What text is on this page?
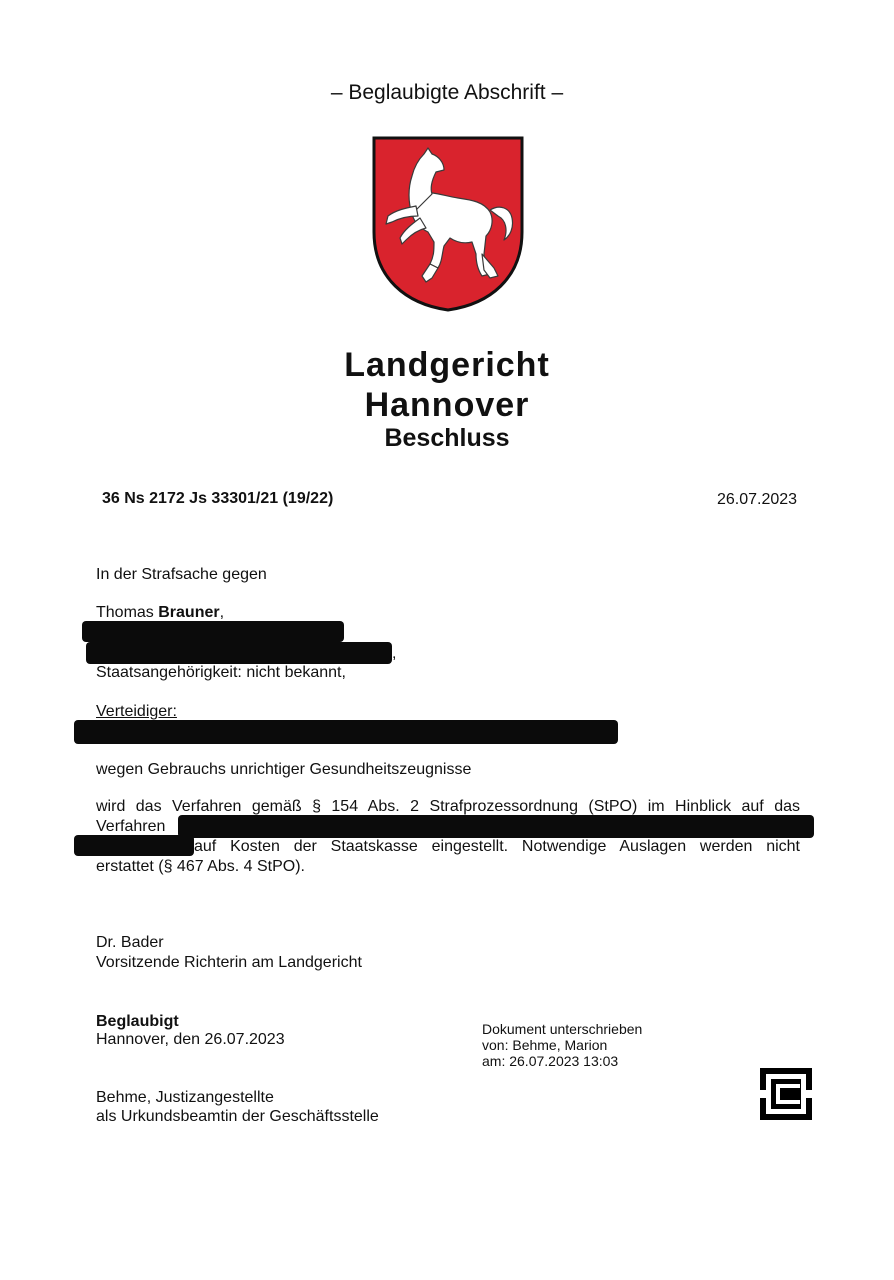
– Beglaubigte Abschrift –
Landgericht
Hannover
Beschluss
36 Ns 2172 Js 33301/21 (19/22)	26.07.2023
In der Strafsache gegen
Thomas Brauner,
,
Staatsangehörigkeit: nicht bekannt,
Verteidiger:
wegen Gebrauchs unrichtiger Gesundheitszeugnisse
wird das Verfahren gemäß § 154 Abs. 2 Strafprozessordnung (StPO) im Hinblick auf das
Verfahren
auf Kosten der Staatskasse eingestellt. Notwendige Auslagen werden nicht
erstattet (§ 467 Abs. 4 StPO).
Dr. Bader
Vorsitzende Richterin am Landgericht
Beglaubigt
Hannover, den 26.07.2023
Dokument unterschrieben
von: Behme, Marion
am: 26.07.2023 13:03
Behme, Justizangestellte
als Urkundsbeamtin der Geschäftsstelle
